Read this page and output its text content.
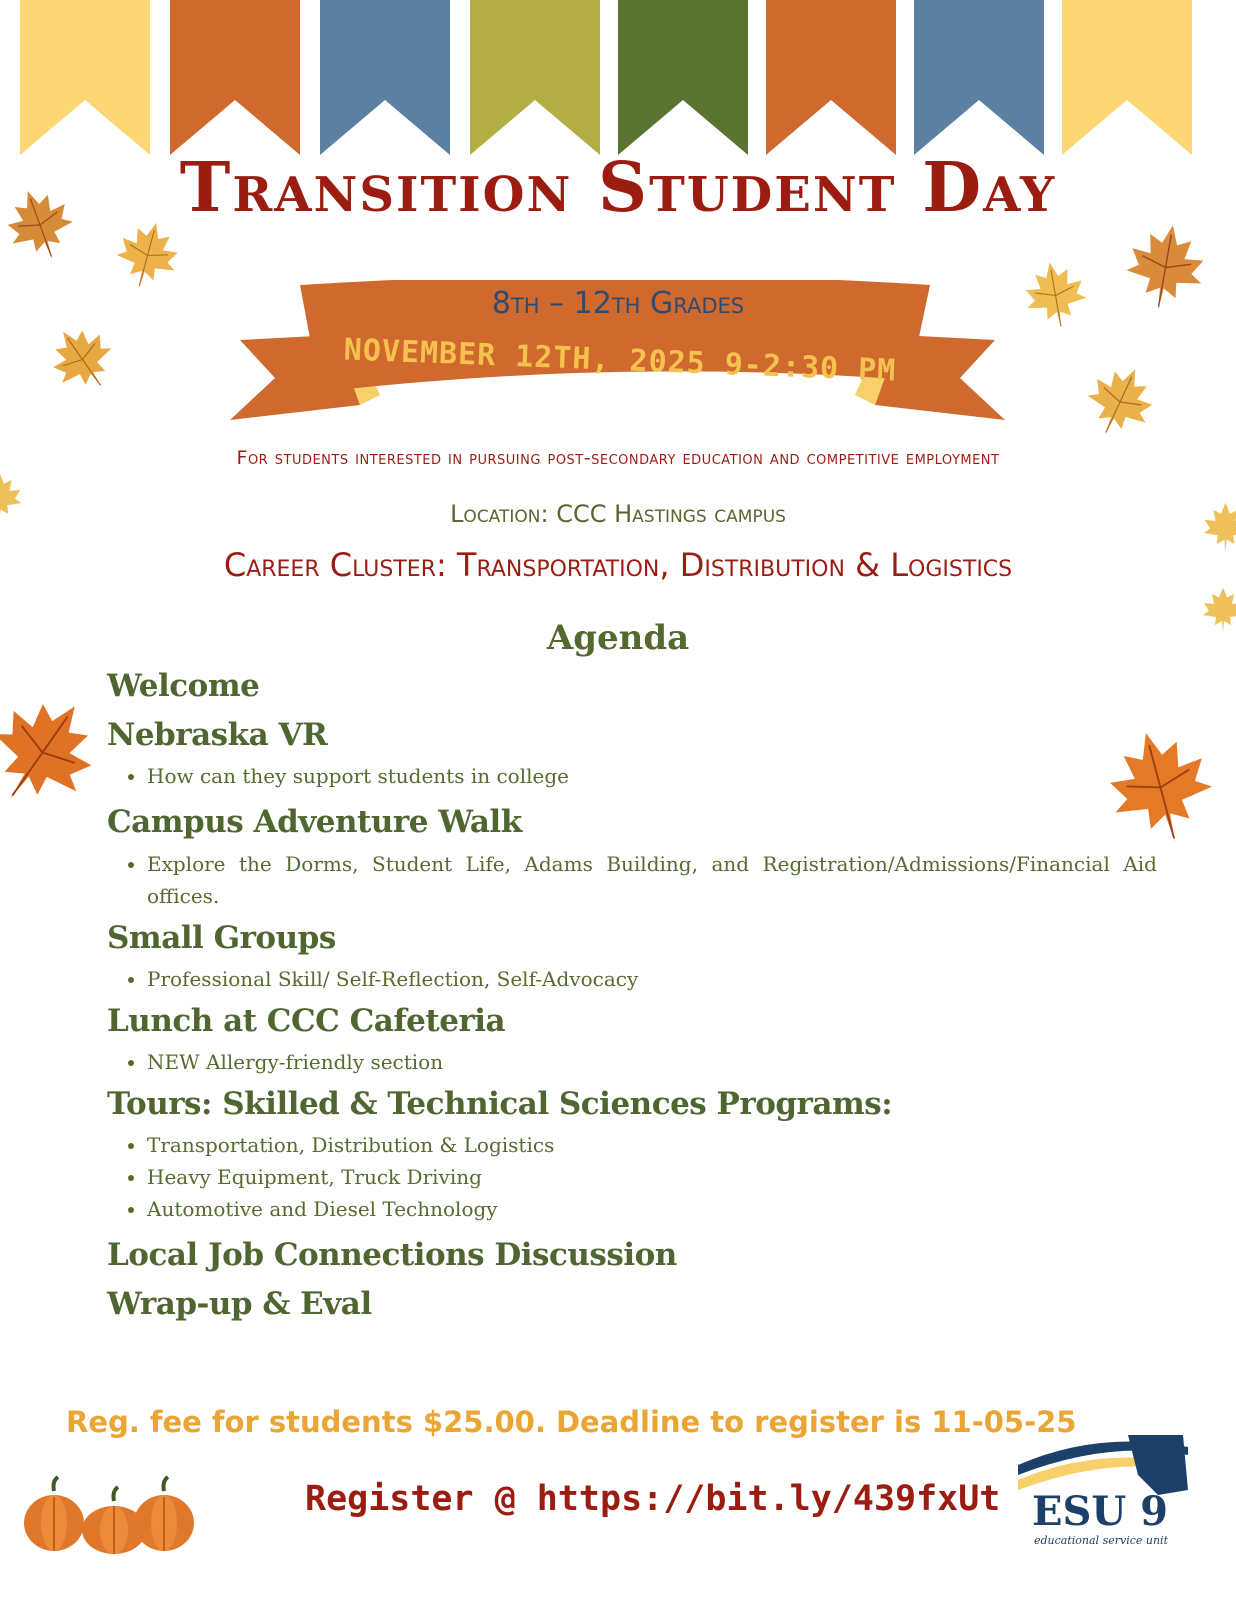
Transition Student Day
8th – 12th Grades
NOVEMBER 12TH, 2025 9-2:30 PM
For students interested in pursuing post-secondary education and competitive employment
Location: CCC Hastings campus
Career Cluster: Transportation, Distribution & Logistics
Agenda
Welcome
Nebraska VR
• How can they support students in college
Campus Adventure Walk
• Explore the Dorms, Student Life, Adams Building, and Registration/Admissions/Financial Aid offices.
Small Groups
• Professional Skill/ Self-Reflection, Self-Advocacy
Lunch at CCC Cafeteria
• NEW Allergy-friendly section
Tours: Skilled & Technical Sciences Programs:
• Transportation, Distribution & Logistics
• Heavy Equipment, Truck Driving
• Automotive and Diesel Technology
Local Job Connections Discussion
Wrap-up & Eval
Reg. fee for students $25.00. Deadline to register is 11-05-25
Register @ https://bit.ly/439fxUt ESU 9
educational service unit
